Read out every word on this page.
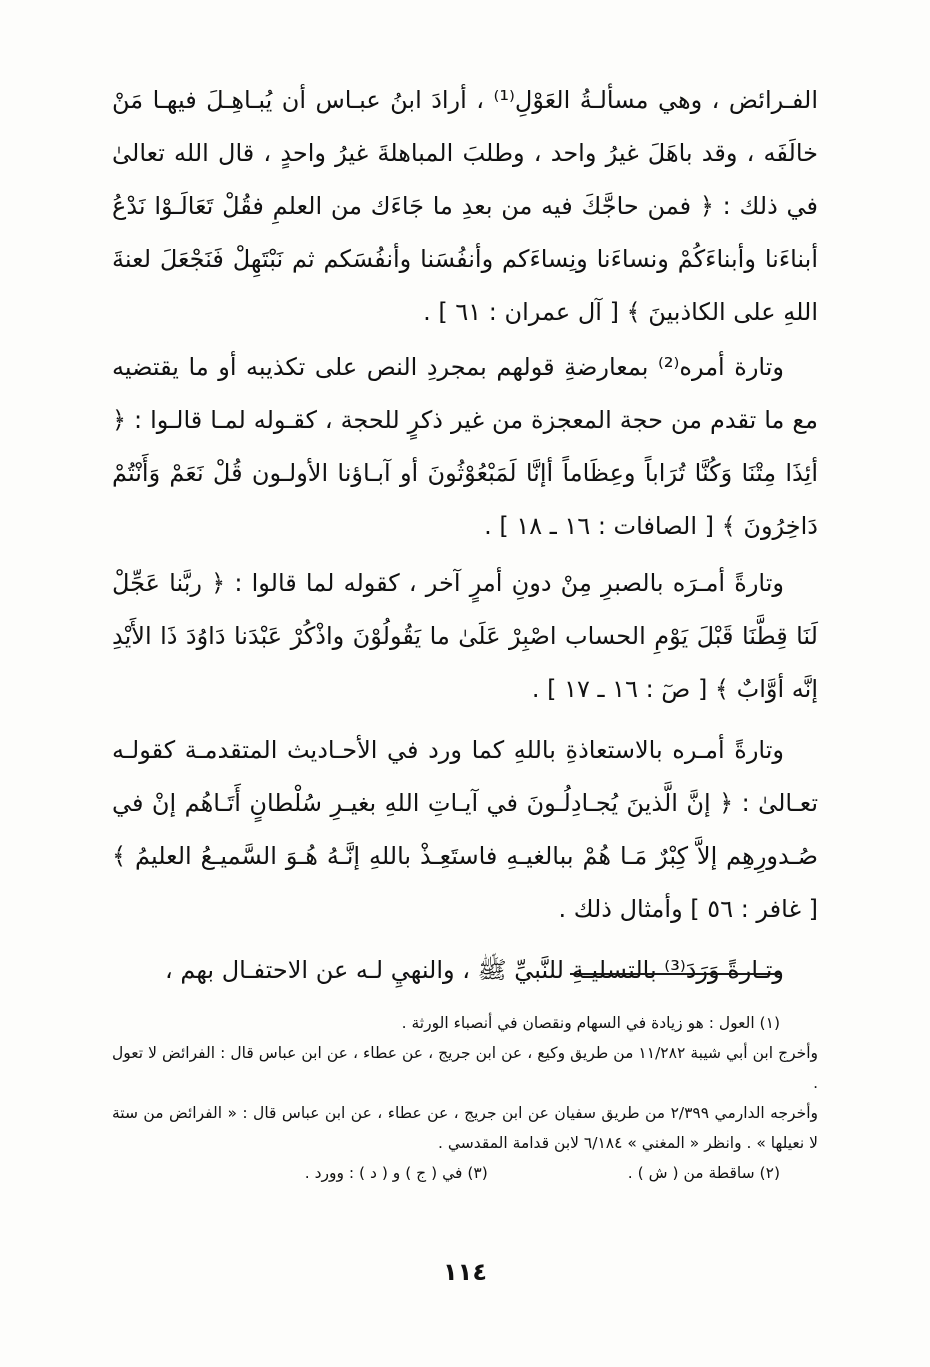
الفـرائض ، وهي مسألـةُ العَوْلِ⁽¹⁾ ، أرادَ ابنُ عبـاس أن يُبـاهِـلَ فيهـا مَنْ خالَفَه ، وقد باهَلَ غيرُ واحد ، وطلبَ المباهلةَ غيرُ واحدٍ ، قال الله تعالىٰ في ذلك : ﴿ فمن حاجَّكَ فيه من بعدِ ما جَاءَك من العلمِ فقُلْ تَعَالَـوْا نَدْعُ أبناءَنا وأبناءَكُمْ ونساءَنا ونِساءَكم وأنفُسَنا وأنفُسَكم ثم نَبْتَهِلْ فَنَجْعَلَ لعنةَ اللهِ على الكاذبينَ ﴾ [ آل عمران : ٦١ ] .

وتارة أمره⁽²⁾ بمعارضةِ قولهم بمجردِ النص على تكذيبه أو ما يقتضيه مع ما تقدم من حجة المعجزة من غير ذكرٍ للحجة ، كقـوله لمـا قالـوا : ﴿ أئِذَا مِتْنَا وَكُنَّا تُرَاباً وعِظَاماً أإنَّا لَمَبْعُوْثُونَ أو آبـاؤنا الأولـون قُلْ نَعَمْ وَأَنْتُمْ دَاخِرُونَ ﴾ [ الصافات : ١٦ ـ ١٨ ] .

وتارةً أمـرَه بالصبرِ مِنْ دونِ أمرٍ آخر ، كقوله لما قالوا : ﴿ ربَّنا عَجِّلْ لَنَا قِطَّنَا قَبْلَ يَوْمِ الحساب اصْبِرْ عَلَىٰ ما يَقُولُوْنَ واذْكُرْ عَبْدَنا دَاوُدَ ذَا الأَيْدِ إنَّه أوَّابٌ ﴾ [ صٓ : ١٦ ـ ١٧ ] .

وتارةً أمـره بالاستعاذةِ باللهِ كما ورد في الأحـاديث المتقدمـة كقولـه تعـالىٰ : ﴿ إنَّ الَّذينَ يُجـادِلُـونَ في آيـاتِ اللهِ بغيـرِ سُلْطانٍ أَتَـاهُم إنْ في صُـدورِهِم إلاَّ كِبْرٌ مَـا هُمْ ببالغيـهِ فاستَعِـذْ باللهِ إنَّـهُ هُـوَ السَّميـعُ العليمُ ﴾ [ غافر : ٥٦ ] وأمثال ذلك .

وتـارةً وَرَدَ⁽³⁾ بالتسليـةِ للنَّبيِّ ﷺ ، والنهيِ لـه عن الاحتفـال بهم ،

(١) العول : هو زيادة في السهام ونقصان في أنصباء الورثة .

وأخرج ابن أبي شيبة ١١/٢٨٢ من طريق وكيع ، عن ابن جريج ، عن عطاء ، عن ابن عباس قال : الفرائض لا تعول .

وأخرجه الدارمي ٢/٣٩٩ من طريق سفيان عن ابن جريج ، عن عطاء ، عن ابن عباس قال : « الفرائض من ستة لا نعيلها » . وانظر « المغني » ٦/١٨٤ لابن قدامة المقدسي .

(٢) ساقطة من ( ش ) .
(٣) في ( ج ) و ( د ) : وورد .
١١٤
